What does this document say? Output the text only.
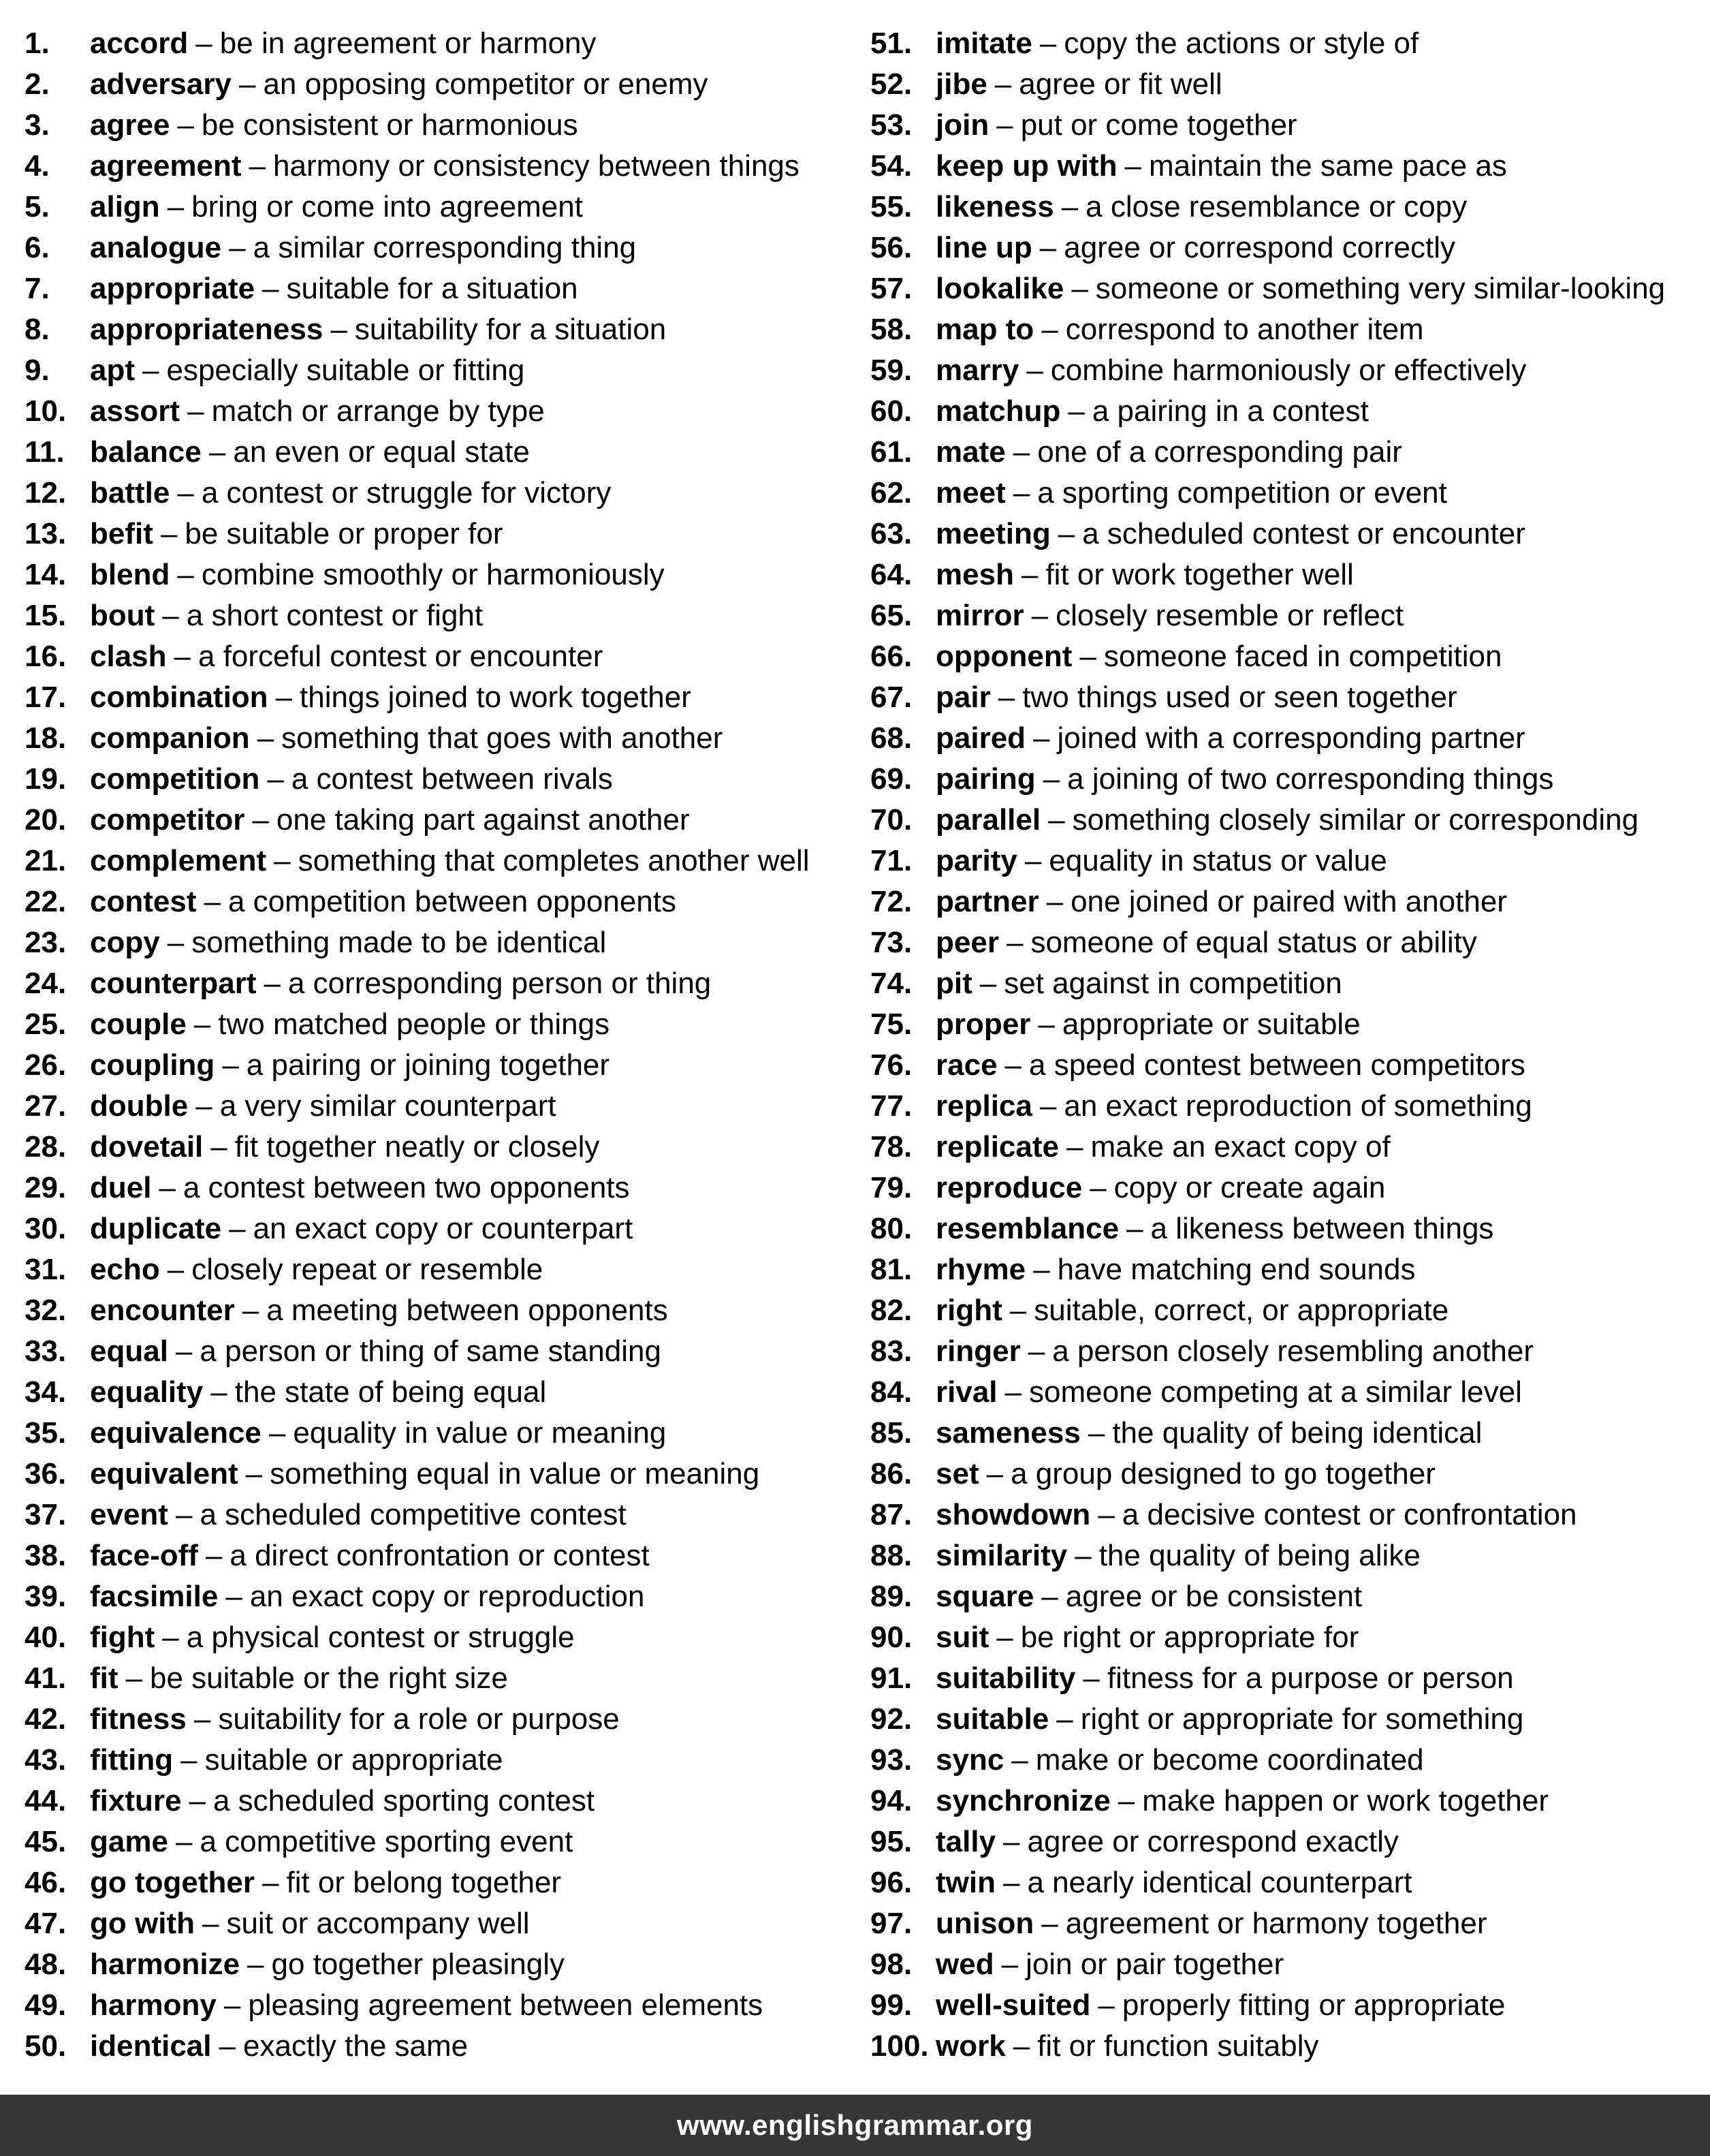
1.	accord – be in agreement or harmony
2.	adversary – an opposing competitor or enemy
3.	agree – be consistent or harmonious
4.	agreement – harmony or consistency between things
5.	align – bring or come into agreement
6.	analogue – a similar corresponding thing
7.	appropriate – suitable for a situation
8.	appropriateness – suitability for a situation
9.	apt – especially suitable or fitting
10. assort – match or arrange by type
11. balance – an even or equal state
12. battle – a contest or struggle for victory
13. befit – be suitable or proper for
14. blend – combine smoothly or harmoniously
15. bout – a short contest or fight
16. clash – a forceful contest or encounter
17. combination – things joined to work together
18. companion – something that goes with another
19. competition – a contest between rivals
20. competitor – one taking part against another
21. complement – something that completes another well
22. contest – a competition between opponents
23. copy – something made to be identical
24. counterpart – a corresponding person or thing
25. couple – two matched people or things
26. coupling – a pairing or joining together
27. double – a very similar counterpart
28. dovetail – fit together neatly or closely
29. duel – a contest between two opponents
30. duplicate – an exact copy or counterpart
31. echo – closely repeat or resemble
32. encounter – a meeting between opponents
33. equal – a person or thing of same standing
34. equality – the state of being equal
35. equivalence – equality in value or meaning
36. equivalent – something equal in value or meaning
37. event – a scheduled competitive contest
38. face-off – a direct confrontation or contest
39. facsimile – an exact copy or reproduction
40. fight – a physical contest or struggle
41. fit – be suitable or the right size
42. fitness – suitability for a role or purpose
43. fitting – suitable or appropriate
44. fixture – a scheduled sporting contest
45. game – a competitive sporting event
46. go together – fit or belong together
47. go with – suit or accompany well
48. harmonize – go together pleasingly
49. harmony – pleasing agreement between elements
50. identical – exactly the same
51. imitate – copy the actions or style of
52. jibe – agree or fit well
53. join – put or come together
54. keep up with – maintain the same pace as
55. likeness – a close resemblance or copy
56. line up – agree or correspond correctly
57. lookalike – someone or something very similar-looking
58. map to – correspond to another item
59. marry – combine harmoniously or effectively
60. matchup – a pairing in a contest
61. mate – one of a corresponding pair
62. meet – a sporting competition or event
63. meeting – a scheduled contest or encounter
64. mesh – fit or work together well
65. mirror – closely resemble or reflect
66. opponent – someone faced in competition
67. pair – two things used or seen together
68. paired – joined with a corresponding partner
69. pairing – a joining of two corresponding things
70. parallel – something closely similar or corresponding
71. parity – equality in status or value
72. partner – one joined or paired with another
73. peer – someone of equal status or ability
74. pit – set against in competition
75. proper – appropriate or suitable
76. race – a speed contest between competitors
77. replica – an exact reproduction of something
78. replicate – make an exact copy of
79. reproduce – copy or create again
80. resemblance – a likeness between things
81. rhyme – have matching end sounds
82. right – suitable, correct, or appropriate
83. ringer – a person closely resembling another
84. rival – someone competing at a similar level
85. sameness – the quality of being identical
86. set – a group designed to go together
87. showdown – a decisive contest or confrontation
88. similarity – the quality of being alike
89. square – agree or be consistent
90. suit – be right or appropriate for
91. suitability – fitness for a purpose or person
92. suitable – right or appropriate for something
93. sync – make or become coordinated
94. synchronize – make happen or work together
95. tally – agree or correspond exactly
96. twin – a nearly identical counterpart
97. unison – agreement or harmony together
98. wed – join or pair together
99. well-suited – properly fitting or appropriate
100. work – fit or function suitably
www.englishgrammar.org
